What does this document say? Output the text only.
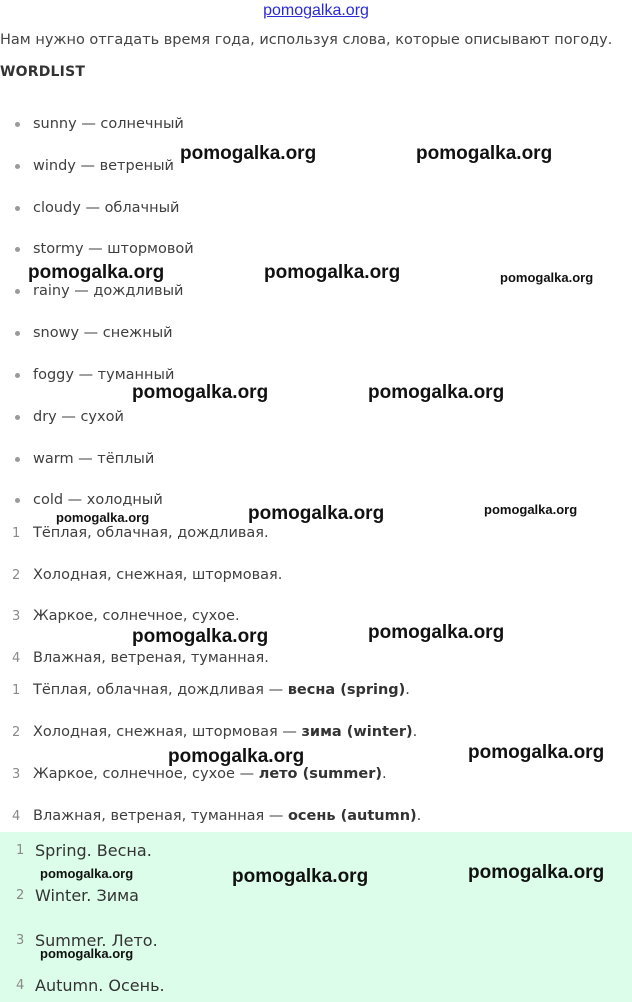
pomogalka.org
Нам нужно отгадать время года, используя слова, которые описывают погоду.
WORDLIST
sunny — солнечный
windy — ветреный
cloudy — облачный
stormy — штормовой
rainy — дождливый
snowy — снежный
foggy — туманный
dry — сухой
warm — тёплый
cold — холодный
1 Тёплая, облачная, дождливая.
2 Холодная, снежная, штормовая.
3 Жаркое, солнечное, сухое.
4 Влажная, ветреная, туманная.
1 Тёплая, облачная, дождливая — весна (spring).
2 Холодная, снежная, штормовая — зима (winter).
3 Жаркое, солнечное, сухое — лето (summer).
4 Влажная, ветреная, туманная — осень (autumn).
1 Spring. Весна.
2 Winter. Зима
3 Summer. Лето.
4 Autumn. Осень.
pomogalka.org	pomogalka.org
pomogalka.org	pomogalka.org	pomogalka.org
pomogalka.org	pomogalka.org
pomogalka.org	pomogalka.org	pomogalka.org
pomogalka.org	pomogalka.org
pomogalka.org	pomogalka.org
pomogalka.org	pomogalka.org	pomogalka.org
pomogalka.org
